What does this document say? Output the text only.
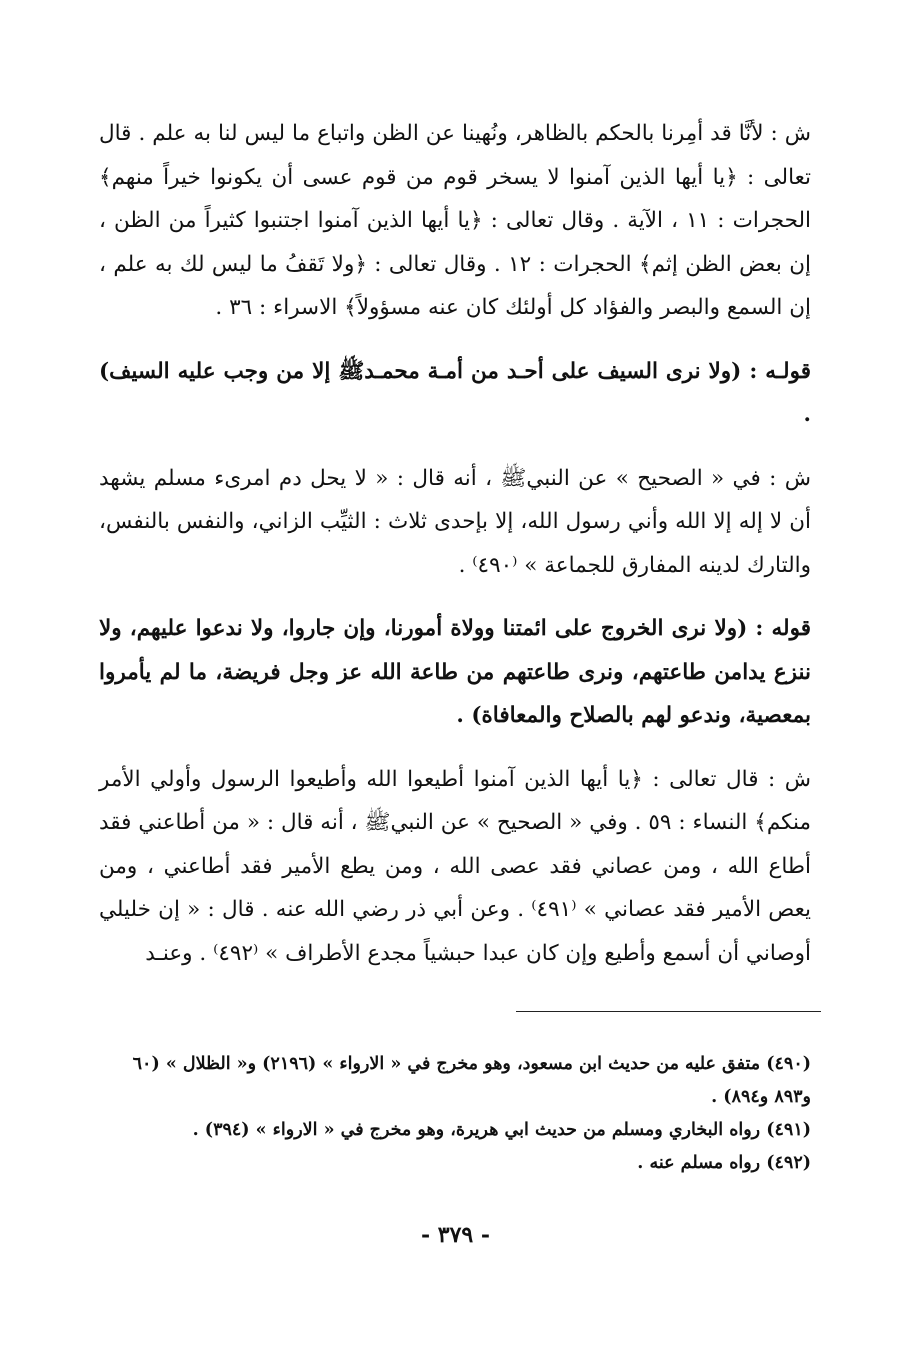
ش : لأنَّا قد أمِرنا بالحكم بالظاهر، ونُهينا عن الظن واتباع ما ليس لنا به علم . قال تعالى : ﴿يا أيها الذين آمنوا لا يسخر قوم من قوم عسى أن يكونوا خيراً منهم﴾ الحجرات : ١١ ، الآية . وقال تعالى : ﴿يا أيها الذين آمنوا اجتنبوا كثيراً من الظن ، إن بعض الظن إثم﴾ الحجرات : ١٢ . وقال تعالى : ﴿ولا تَقفُ ما ليس لك به علم ، إن السمع والبصر والفؤاد كل أولئك كان عنه مسؤولاً﴾ الاسراء : ٣٦ .

قولـه : (ولا نرى السيف على أحـد من أمـة محمـدﷺ إلا من وجب عليه السيف) .

ش : في « الصحيح » عن النبيﷺ ، أنه قال : « لا يحل دم امرىء مسلم يشهد أن لا إله إلا الله وأني رسول الله، إلا بإحدى ثلاث : الثيِّب الزاني، والنفس بالنفس، والتارك لدينه المفارق للجماعة » ⁽٤٩٠⁾ .

قوله : (ولا نرى الخروج على ائمتنا وولاة أمورنا، وإن جاروا، ولا ندعوا عليهم، ولا ننزع يدامن طاعتهم، ونرى طاعتهم من طاعة الله عز وجل فريضة، ما لم يأمروا بمعصية، وندعو لهم بالصلاح والمعافاة) .

ش : قال تعالى : ﴿يا أيها الذين آمنوا أطيعوا الله وأطيعوا الرسول وأولي الأمر منكم﴾ النساء : ٥٩ . وفي « الصحيح » عن النبيﷺ ، أنه قال : « من أطاعني فقد أطاع الله ، ومن عصاني فقد عصى الله ، ومن يطع الأمير فقد أطاعني ، ومن يعص الأمير فقد عصاني » ⁽٤٩١⁾ . وعن أبي ذر رضي الله عنه . قال : « إن خليلي أوصاني أن أسمع وأطيع وإن كان عبدا حبشياً مجدع الأطراف » ⁽٤٩٢⁾ . وعنـد

(٤٩٠) متفق عليه من حديث ابن مسعود، وهو مخرج في « الارواء » (٢١٩٦) و« الظلال » (٦٠ و٨٩٣ و٨٩٤) .

(٤٩١) رواه البخاري ومسلم من حديث ابي هريرة، وهو مخرج في « الارواء » (٣٩٤) .

(٤٩٢) رواه مسلم عنه .

- ٣٧٩ -
